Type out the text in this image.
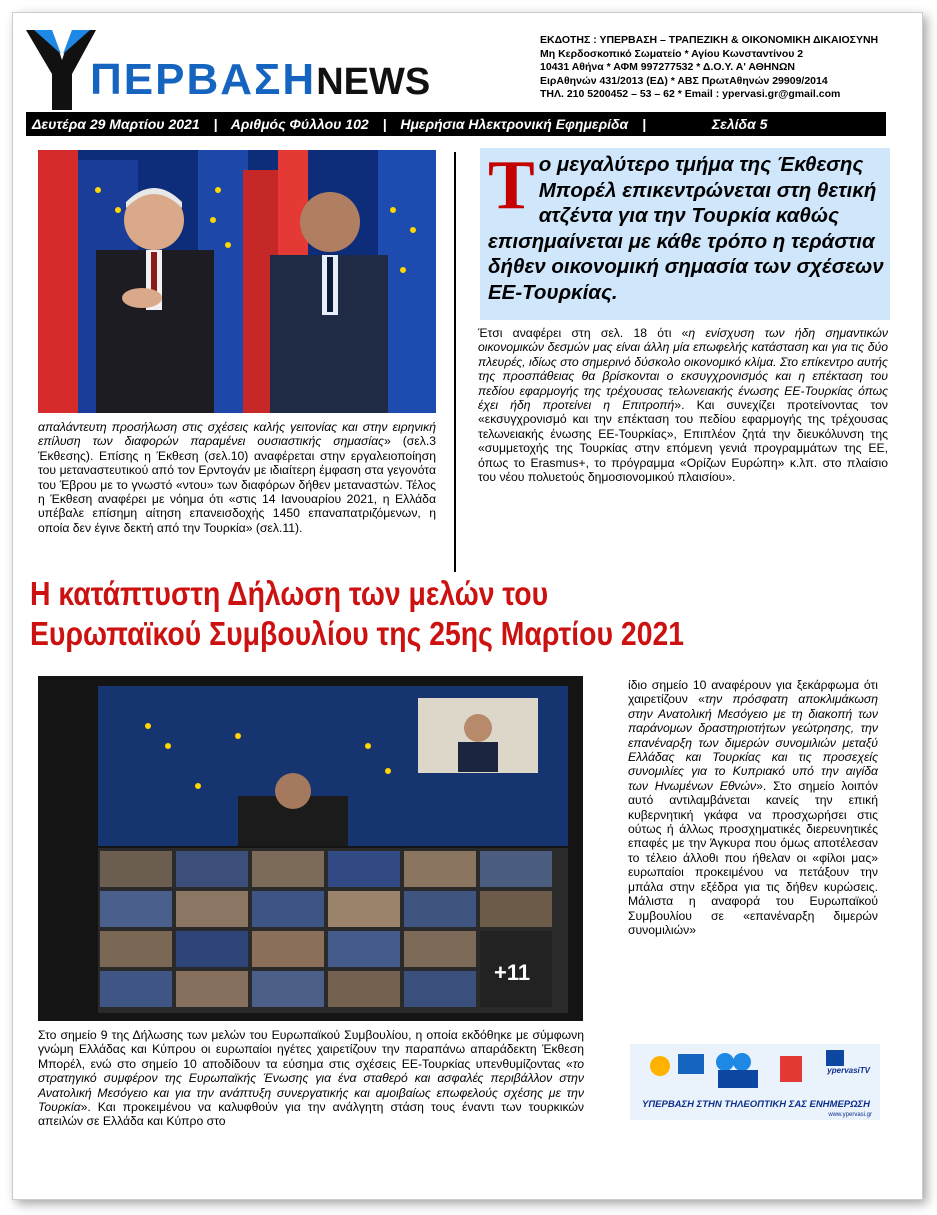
ΠΕΡΒΑΣΗNEWS
ΕΚΔΟΤΗΣ : ΥΠΕΡΒΑΣΗ – ΤΡΑΠΕΖΙΚΗ & ΟΙΚΟΝΟΜΙΚΗ ΔΙΚΑΙΟΣΥΝΗ
Μη Κερδοσκοπικό Σωματείο * Αγίου Κωνσταντίνου 2
10431 Αθήνα * ΑΦΜ 997277532 * Δ.Ο.Υ. Α' ΑΘΗΝΩΝ
ΕιρΑθηνών 431/2013 (ΕΔ) * ΑΒΣ ΠρωτΑθηνών 29909/2014
ΤΗΛ. 210 5200452 – 53 – 62 * Email : ypervasi.gr@gmail.com
Δευτέρα 29 Μαρτίου 2021 | Αριθμός Φύλλου 102 | Ημερήσια Ηλεκτρονική Εφημερίδα |	Σελίδα 5
Τ ο μεγαλύτερο τμήμα της Έκθεσης Μπορέλ επικεντρώνεται στη θετική ατζέντα για την Τουρκία καθώς επισημαίνεται με κάθε τρόπο η τεράστια δήθεν οικονομική σημασία των σχέσεων ΕΕ-Τουρκίας.
απαλάντευτη προσήλωση στις σχέσεις καλής γειτονίας και στην ειρηνική επίλυση των διαφορών παραμένει ουσιαστικής σημασίας» (σελ.3 Έκθεσης). Επίσης η Έκθεση (σελ.10) αναφέρεται στην εργαλειοποίηση του μεταναστευτικού από τον Ερντογάν με ιδιαίτερη έμφαση στα γεγονότα του Έβρου με το γνωστό «ντου» των διαφόρων δήθεν μεταναστών. Τέλος η Έκθεση αναφέρει με νόημα ότι «στις 14 Ιανουαρίου 2021, η Ελλάδα υπέβαλε επίσημη αίτηση επανεισδοχής 1450 επαναπατριζόμενων, η οποία δεν έγινε δεκτή από την Τουρκία» (σελ.11).
Έτσι αναφέρει στη σελ. 18 ότι «η ενίσχυση των ήδη σημαντικών οικονομικών δεσμών μας είναι άλλη μία επωφελής κατάσταση και για τις δύο πλευρές, ιδίως στο σημερινό δύσκολο οικονομικό κλίμα. Στο επίκεντρο αυτής της προσπάθειας θα βρίσκονται ο εκσυγχρονισμός και η επέκταση του πεδίου εφαρμογής της τρέχουσας τελωνειακής ένωσης ΕΕ-Τουρκίας όπως έχει ήδη προτείνει η Επιτροπή». Και συνεχίζει προτείνοντας τον «εκσυγχρονισμό και την επέκταση του πεδίου εφαρμογής της τρέχουσας τελωνειακής ένωσης ΕΕ-Τουρκίας», Επιπλέον ζητά την διευκόλυνση της «συμμετοχής της Τουρκίας στην επόμενη γενιά προγραμμάτων της ΕΕ, όπως το Erasmus+, το πρόγραμμα «Ορίζων Ευρώπη» κ.λπ. στο πλαίσιο του νέου πολυετούς δημοσιονομικού πλαισίου».
Η κατάπτυστη Δήλωση των μελών του
Ευρωπαϊκού Συμβουλίου της 25ης Μαρτίου 2021
+11
Στο σημείο 9 της Δήλωσης των μελών του Ευρωπαϊκού Συμβουλίου, η οποία εκδόθηκε με σύμφωνη γνώμη Ελλάδας και Κύπρου οι ευρωπαίοι ηγέτες χαιρετίζουν την παραπάνω απαράδεκτη Έκθεση Μπορέλ, ενώ στο σημείο 10 αποδίδουν τα εύσημα στις σχέσεις ΕΕ-Τουρκίας υπενθυμίζοντας «το στρατηγικό συμφέρον της Ευρωπαϊκής Ένωσης για ένα σταθερό και ασφαλές περιβάλλον στην Ανατολική Μεσόγειο και για την ανάπτυξη συνεργατικής και αμοιβαίως επωφελούς σχέσης με την Τουρκία». Και προκειμένου να καλυφθούν για την ανάλγητη στάση τους έναντι των τουρκικών απειλών σε Ελλάδα και Κύπρο στο
ίδιο σημείο 10 αναφέρουν για ξεκάρφωμα ότι χαιρετίζουν «την πρόσφατη αποκλιμάκωση στην Ανατολική Μεσόγειο με τη διακοπή των παράνομων δραστηριοτήτων γεώτρησης, την επανέναρξη των διμερών συνομιλιών μεταξύ Ελλάδας και Τουρκίας και τις προσεχείς συνομιλίες για το Κυπριακό υπό την αιγίδα των Ηνωμένων Εθνών». Στο σημείο λοιπόν αυτό αντιλαμβάνεται κανείς την επική κυβερνητική γκάφα να προσχωρήσει στις ούτως ή άλλως προσχηματικές διερευνητικές επαφές με την Άγκυρα που όμως αποτέλεσαν το τέλειο άλλοθι που ήθελαν οι «φίλοι μας» ευρωπαίοι προκειμένου να πετάξουν την μπάλα στην εξέδρα για τις δήθεν κυρώσεις. Μάλιστα η αναφορά του Ευρωπαϊκού Συμβουλίου σε «επανέναρξη διμερών συνομιλιών»
ypervasiTV
ΥΠΕΡΒΑΣΗ ΣΤΗΝ ΤΗΛΕΟΠΤΙΚΗ ΣΑΣ ΕΝΗΜΕΡΩΣΗ
www.ypervasi.gr
